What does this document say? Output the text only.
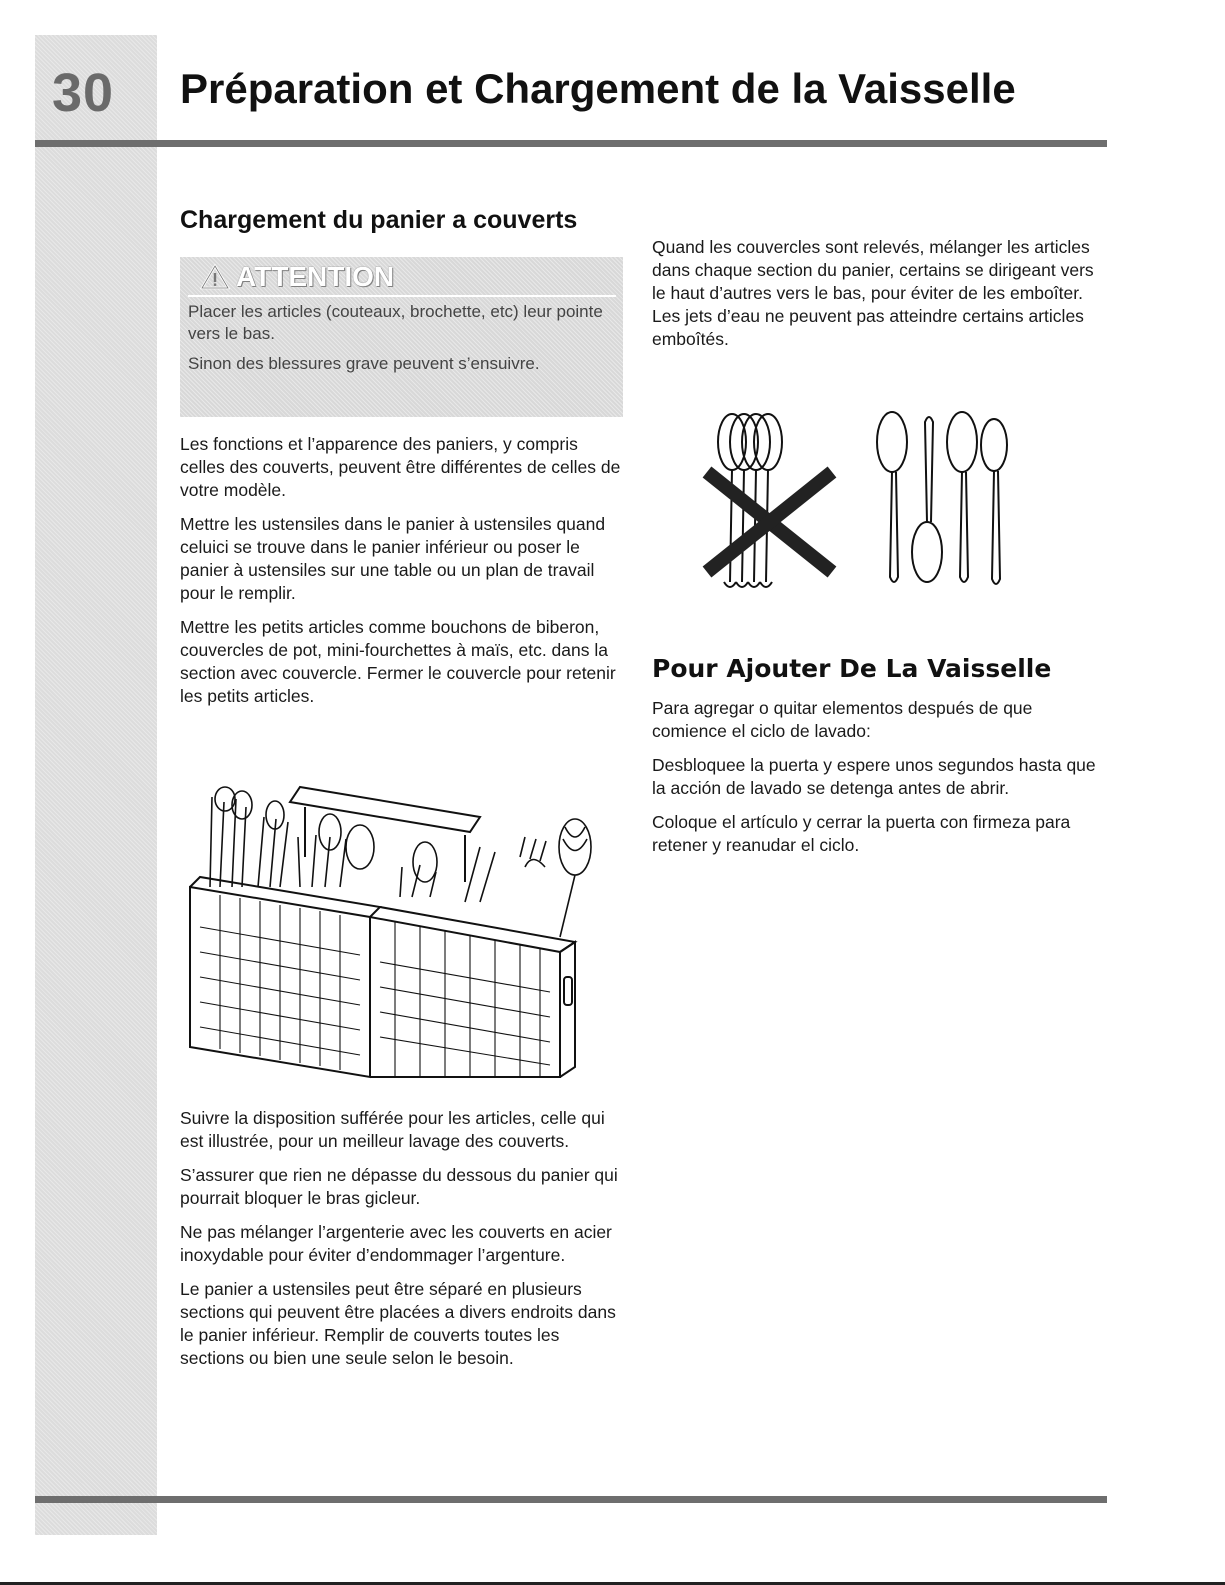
30 Préparation et Chargement de la Vaisselle
Chargement du panier a couverts
ATTENTION

Placer les articles (couteaux, brochette, etc) leur pointe vers le bas.

Sinon des blessures grave peuvent s’ensuivre.

Les fonctions et l’apparence des paniers, y compris celles des couverts, peuvent être différentes de celles de votre modèle.

Mettre les ustensiles dans le panier à ustensiles quand celuici se trouve dans le panier inférieur ou poser le panier à ustensiles sur une table ou un plan de travail pour le remplir.

Mettre les petits articles comme bouchons de biberon, couvercles de pot, mini-fourchettes à maïs, etc. dans la section avec couvercle. Fermer le couvercle pour retenir les petits articles.

Suivre la disposition sufférée pour les articles, celle qui est illustrée, pour un meilleur lavage des couverts.

S’assurer que rien ne dépasse du dessous du panier qui pourrait bloquer le bras gicleur.

Ne pas mélanger l’argenterie avec les couverts en acier inoxydable pour éviter d’endommager l’argenture.

Le panier a ustensiles peut être séparé en plusieurs sections qui peuvent être placées a divers endroits dans le panier inférieur. Remplir de couverts toutes les sections ou bien une seule selon le besoin.

Quand les couvercles sont relevés, mélanger les articles dans chaque section du panier, certains se dirigeant vers le haut d’autres vers le bas, pour éviter de les emboîter. Les jets d’eau ne peuvent pas atteindre certains articles emboîtés.

Pour Ajouter De La Vaisselle

Para agregar o quitar elementos después de que comience el ciclo de lavado:

Desbloquee la puerta y espere unos segundos hasta que la acción de lavado se detenga antes de abrir.

Coloque el artículo y cerrar la puerta con firmeza para retener y reanudar el ciclo.
